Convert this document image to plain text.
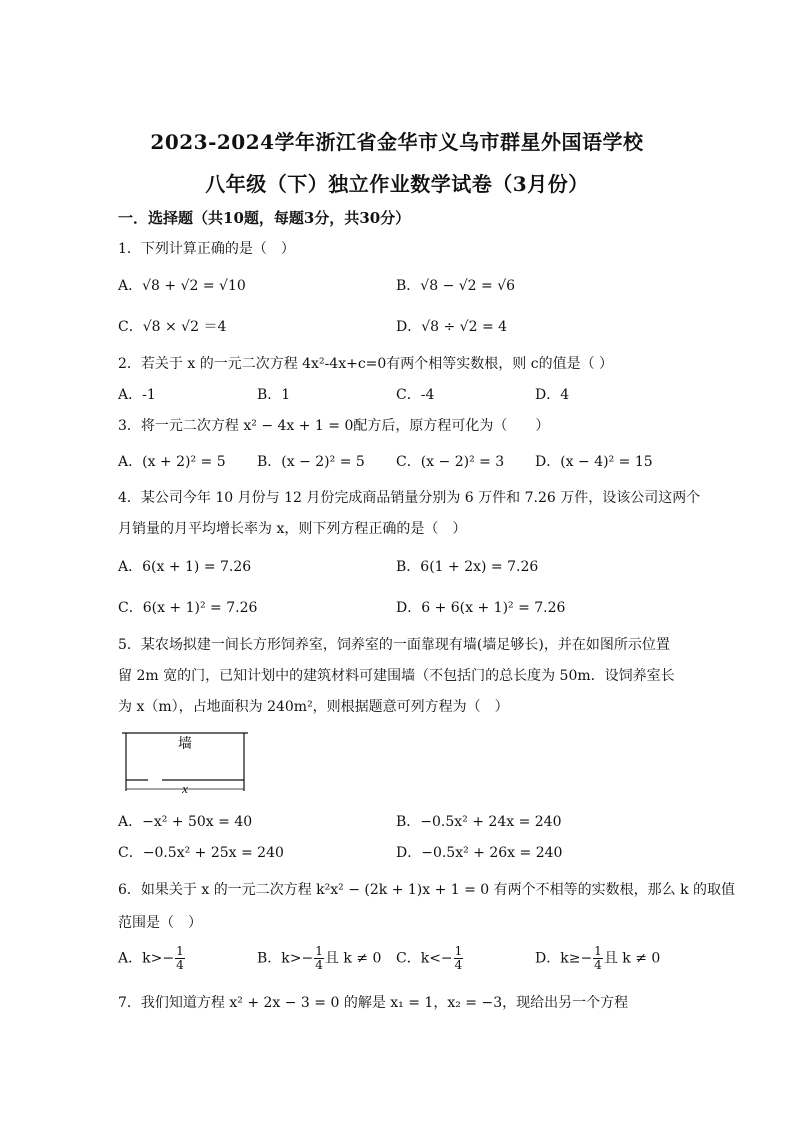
2023-2024学年浙江省金华市义乌市群星外国语学校
八年级（下）独立作业数学试卷（3月份）
一．选择题（共10题，每题3分，共30分）
1．下列计算正确的是（　）
A．√8 + √2 = √10	B．√8 − √2 = √6
C．√8 × √2 ＝4	D．√8 ÷ √2 = 4
2．若关于 x 的一元二次方程 4x²-4x+c=0有两个相等实数根，则 c的值是（ ）
A．-1	B．1	C．-4	D．4
3．将一元二次方程 x² − 4x + 1 = 0配方后，原方程可化为（　　）
A．(x + 2)² = 5 B．(x − 2)² = 5 C．(x − 2)² = 3 D．(x − 4)² = 15
4．某公司今年 10 月份与 12 月份完成商品销量分别为 6 万件和 7.26 万件，设该公司这两个
月销量的月平均增长率为 x，则下列方程正确的是（　）
A．6(x + 1) = 7.26	B．6(1 + 2x) = 7.26
C．6(x + 1)² = 7.26	D．6 + 6(x + 1)² = 7.26
5．某农场拟建一间长方形饲养室，饲养室的一面靠现有墙(墙足够长)，并在如图所示位置
留 2m 宽的门，已知计划中的建筑材料可建围墙（不包括门的总长度为 50m．设饲养室长
为 x（m），占地面积为 240m²，则根据题意可列方程为（　）
墙
x
A．−x² + 50x = 40	B．−0.5x² + 24x = 240
C．−0.5x² + 25x = 240	D．−0.5x² + 26x = 240
6．如果关于 x 的一元二次方程 k²x² − (2k + 1)x + 1 = 0 有两个不相等的实数根，那么 k 的取值
范围是（　）
A．$k>- \frac{1}{4}$	B．$k>- \frac{1}{4}$ 且 k ≠ 0 C．$k<- \frac{1}{4}$	D．$k\ge- \frac{1}{4}$ 且 k ≠ 0
7．我们知道方程 x² + 2x − 3 = 0 的解是 x₁ = 1，x₂ = −3，现给出另一个方程
